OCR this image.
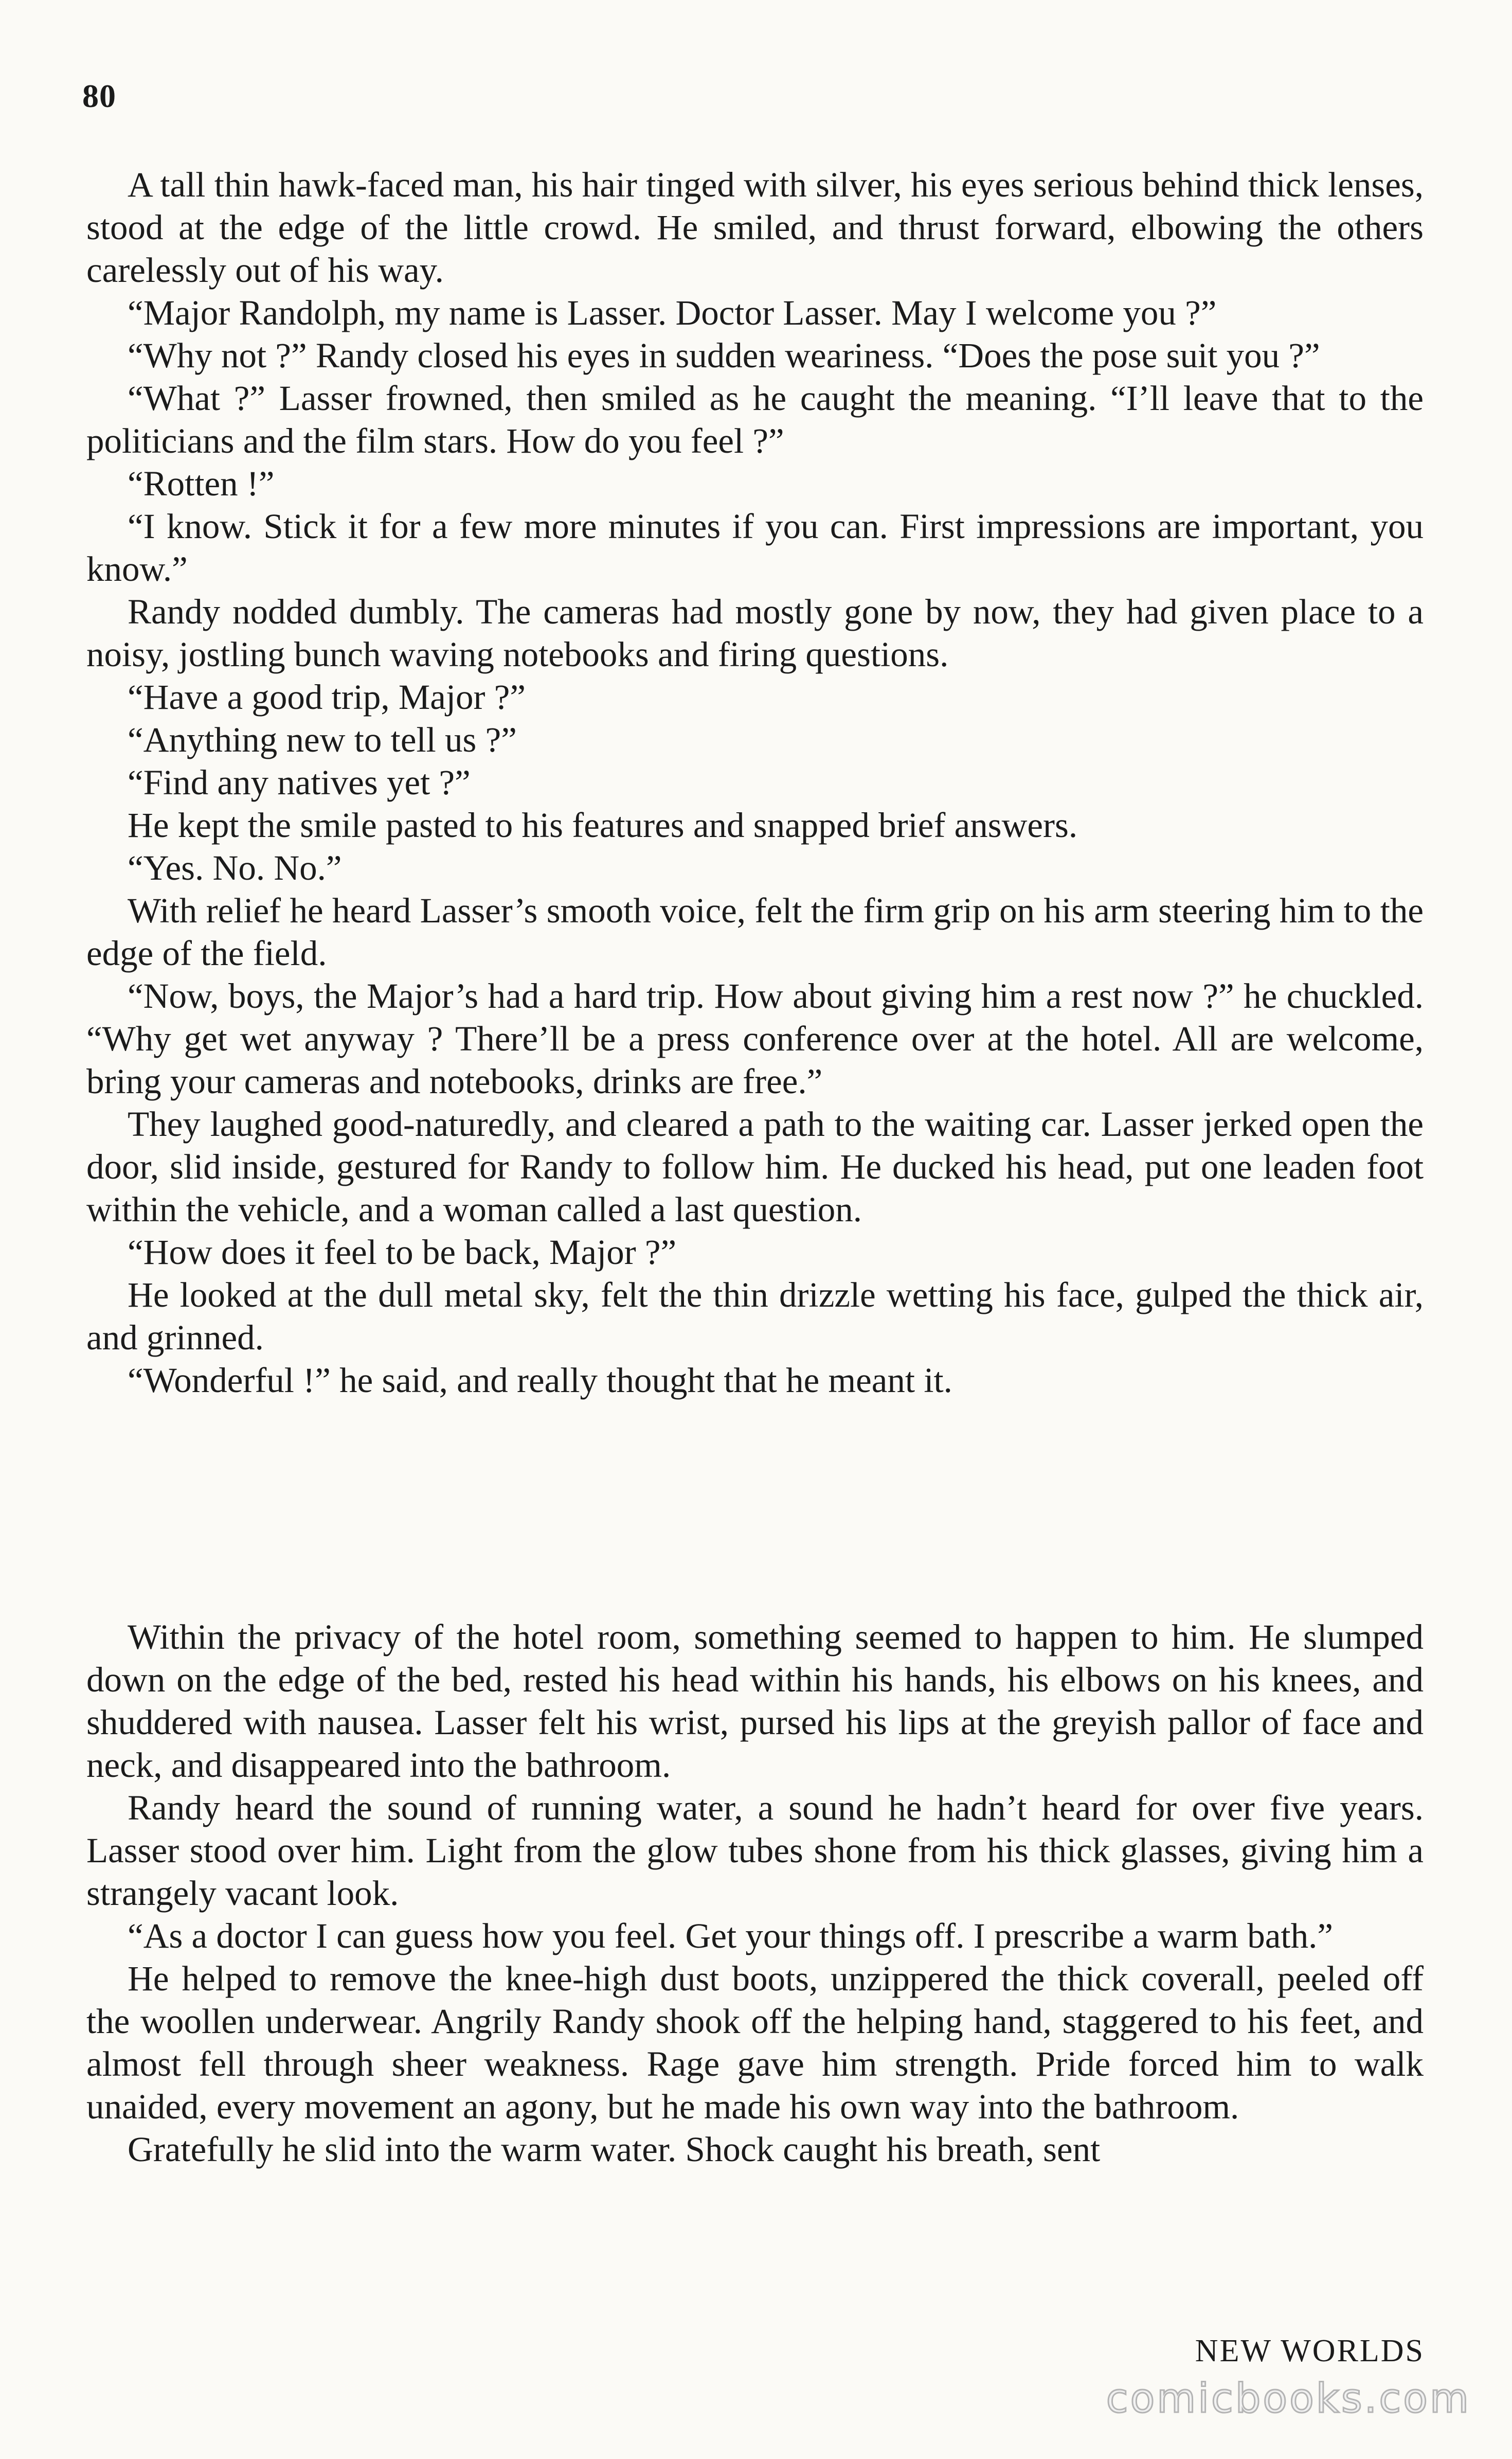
80

A tall thin hawk-faced man, his hair tinged with silver, his eyes serious behind thick lenses, stood at the edge of the little crowd. He smiled, and thrust forward, elbowing the others carelessly out of his way.

“Major Randolph, my name is Lasser. Doctor Lasser. May I welcome you ?”

“Why not ?” Randy closed his eyes in sudden weariness. “Does the pose suit you ?”

“What ?” Lasser frowned, then smiled as he caught the meaning. “I’ll leave that to the politicians and the film stars. How do you feel ?”

“Rotten !”

“I know. Stick it for a few more minutes if you can. First impressions are important, you know.”

Randy nodded dumbly. The cameras had mostly gone by now, they had given place to a noisy, jostling bunch waving notebooks and firing questions.

“Have a good trip, Major ?”

“Anything new to tell us ?”

“Find any natives yet ?”

He kept the smile pasted to his features and snapped brief answers.

“Yes. No. No.”

With relief he heard Lasser’s smooth voice, felt the firm grip on his arm steering him to the edge of the field.

“Now, boys, the Major’s had a hard trip. How about giving him a rest now ?” he chuckled. “Why get wet anyway ? There’ll be a press conference over at the hotel. All are welcome, bring your cameras and notebooks, drinks are free.”

They laughed good-naturedly, and cleared a path to the waiting car. Lasser jerked open the door, slid inside, gestured for Randy to follow him. He ducked his head, put one leaden foot within the vehicle, and a woman called a last question.

“How does it feel to be back, Major ?”

He looked at the dull metal sky, felt the thin drizzle wetting his face, gulped the thick air, and grinned.

“Wonderful !” he said, and really thought that he meant it.

Within the privacy of the hotel room, something seemed to happen to him. He slumped down on the edge of the bed, rested his head within his hands, his elbows on his knees, and shuddered with nausea. Lasser felt his wrist, pursed his lips at the greyish pallor of face and neck, and disappeared into the bathroom.

Randy heard the sound of running water, a sound he hadn’t heard for over five years. Lasser stood over him. Light from the glow tubes shone from his thick glasses, giving him a strangely vacant look.

“As a doctor I can guess how you feel. Get your things off. I prescribe a warm bath.”

He helped to remove the knee-high dust boots, unzippered the thick coverall, peeled off the woollen underwear. Angrily Randy shook off the helping hand, staggered to his feet, and almost fell through sheer weakness. Rage gave him strength. Pride forced him to walk unaided, every movement an agony, but he made his own way into the bathroom.

Gratefully he slid into the warm water. Shock caught his breath, sent

NEW WORLDS
comicbooks.com
